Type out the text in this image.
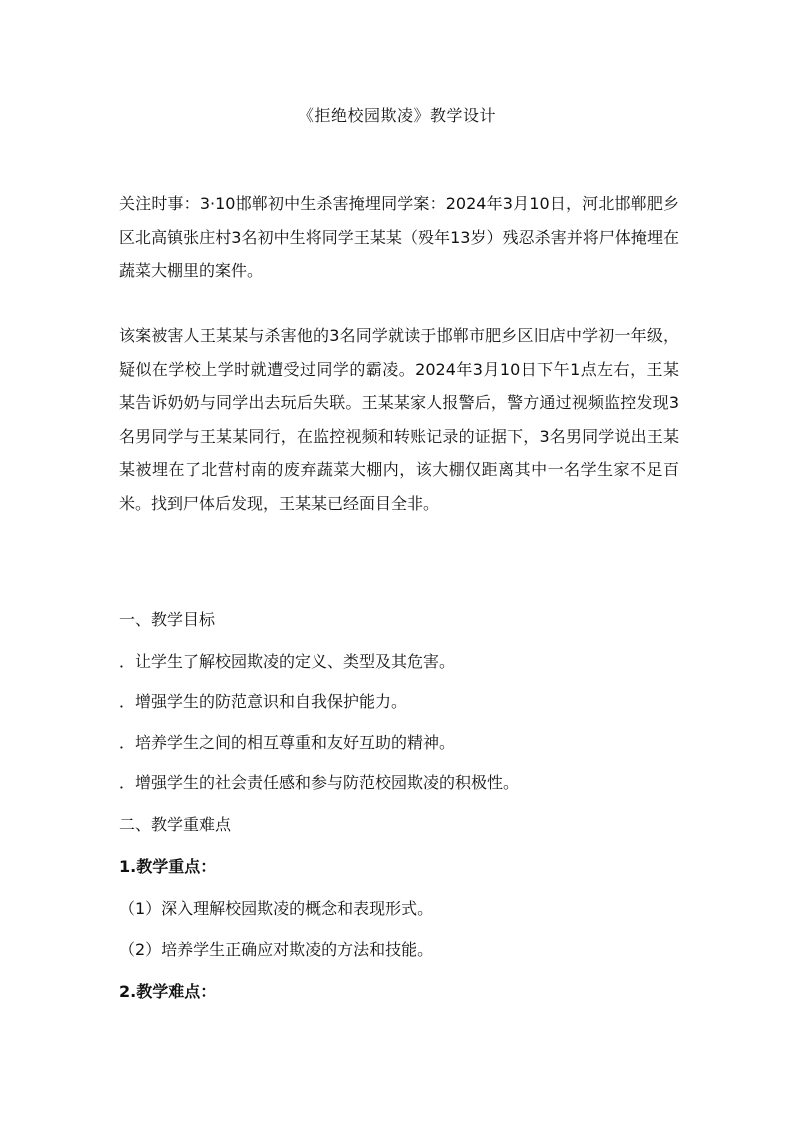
《拒绝校园欺凌》教学设计

关注时事：3·10邯郸初中生杀害掩埋同学案：2024年3月10日，河北邯郸肥乡区北高镇张庄村3名初中生将同学王某某（殁年13岁）残忍杀害并将尸体掩埋在蔬菜大棚里的案件。

该案被害人王某某与杀害他的3名同学就读于邯郸市肥乡区旧店中学初一年级，疑似在学校上学时就遭受过同学的霸凌。2024年3月10日下午1点左右，王某某告诉奶奶与同学出去玩后失联。王某某家人报警后，警方通过视频监控发现3名男同学与王某某同行，在监控视频和转账记录的证据下，3名男同学说出王某某被埋在了北营村南的废弃蔬菜大棚内，该大棚仅距离其中一名学生家不足百米。找到尸体后发现，王某某已经面目全非。

一、教学目标
．让学生了解校园欺凌的定义、类型及其危害。
．增强学生的防范意识和自我保护能力。
．培养学生之间的相互尊重和友好互助的精神。
．增强学生的社会责任感和参与防范校园欺凌的积极性。
二、教学重难点
1.教学重点：
（1）深入理解校园欺凌的概念和表现形式。
（2）培养学生正确应对欺凌的方法和技能。
2.教学难点：
